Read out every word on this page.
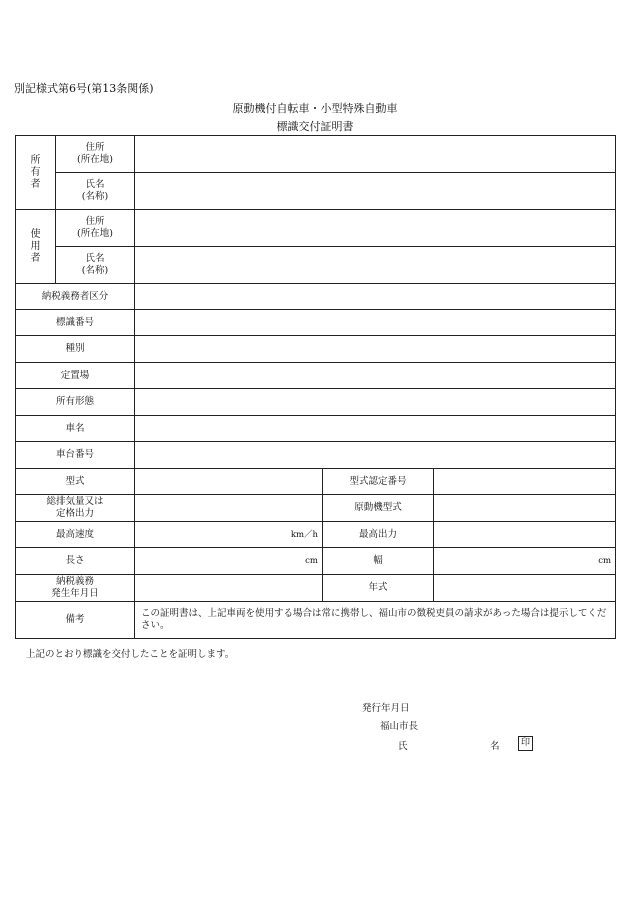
別記様式第6号(第13条関係)
原動機付自転車・小型特殊自動車
標識交付証明書
所有者	住所
(所在地)			
	氏名
(名称)			
使用者	住所
(所在地)			
	氏名
(名称)			
納税義務者区分				
標識番号				
種別				
定置場				
所有形態				
車名				
車台番号				
型式			型式認定番号	
総排気量又は
定格出力			原動機型式	
最高速度		km／h	最高出力	
長さ		cm	幅	cm
納税義務
発生年月日			年式	
備考		この証明書は、上記車両を使用する場合は常に携帯し、福山市の徴税吏員の請求があった場合は提示してください。		
上記のとおり標識を交付したことを証明します。
発行年月日
福山市長
氏	名	印
